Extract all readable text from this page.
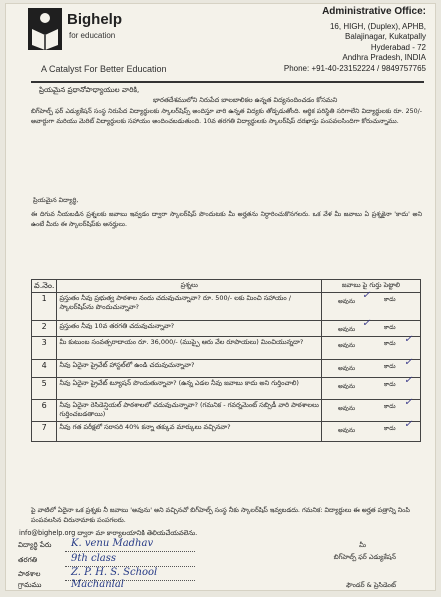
Bighelp
for education
A Catalyst For Better Education
Administrative Office:
16, HIGH, (Duplex), APHB,
Balajinagar, Kukatpally
Hyderabad - 72
Andhra Pradesh, INDIA
Phone: +91-40-23152224 / 9849757765
ప్రియమైన ప్రధానోపాధ్యాయుల వారికి,
భారతదేశములోని నిరుపేద బాలబాలికల ఉన్నత విద్యనందించడం కోసమని
బిగ్‌హెల్ప్ ఫర్ ఎడ్యుకేషన్ సంస్థ నిరుపేద విద్యార్థులకు స్కాలర్‌షిప్స్ అందిస్తూ వారి ఉన్నత విద్యకు తోడ్పడుతోంది. ఆర్థిక పరిస్థితి సరిగాలేని విద్యార్థులకు రూ. 250/- అవార్డుగా మరియు మెరిట్ విద్యార్థులకు సహాయం అందించబడుతుంది. 10వ తరగతి విద్యార్థులకు స్కాలర్‌షిప్ దరఖాస్తు పంపవలసిందిగా కోరుచున్నాము.
ప్రియమైన విద్యార్థి,
ఈ దిగువ నీయబడిన ప్రశ్నలకు జవాబు ఇవ్వడం ద్వారా స్కాలర్‌షిప్ పొందుటకు మీ అర్హతను నిర్ధారించుకొనగలరు. ఒక వేళ మీ జవాబు ఏ ప్రశ్నకైనా 'కాదు' అని ఉంటే మీరు ఈ స్కాలర్‌షిప్‌కు అనర్హులు.
వ.నెం.	ప్రశ్నలు	జవాబు పై గుర్తు పెట్టాలి
1	ప్రస్తుతం నీవు ప్రభుత్వ పాఠశాల నందు చదువుచున్నావా? రూ. 500/- లకు మించి సహాయం / స్కాలర్‌షిప్‌ను పొందుచున్నావా?	అవును కాదు
✓

2	ప్రస్తుతం నీవు 10వ తరగతి చదువుచున్నావా?	అవును కాదు
✓

3	మీ కుటుంబ సంవత్సరాదాయం రూ. 36,000/- (ముప్పై ఆరు వేల రూపాయలు) మించియున్నదా?	అవును కాదు ✓

4	నీవు ఏదైనా ప్రైవేట్ హాస్టల్‌లో ఉండి చదువుచున్నావా?	అవును కాదు ✓

5	నీవు ఏదైనా ప్రైవేట్ ట్యూషన్ పొందుతున్నావా? (ఉన్న ఎడల నీవు జవాబు కాదు అని గుర్తించాలి)	అవును కాదు ✓

6	నీవు ఏదైనా రెసిడెన్షియల్ పాఠశాలలో చదువుచున్నావా? (గమనిక - గవర్నమెంట్ సబ్సిడీ వారి పాఠశాలలు గుర్తించబడతాయి)	అవును కాదు ✓

7	నీవు గత పరీక్షలో సరాసరి 40% కన్నా తక్కువ మార్కులు వచ్చినవా?	అవును కాదు ✓
పై వాటిలో ఏదైనా ఒక ప్రశ్నకు నీ జవాబు 'అవును' అని వచ్చినచో బిగ్‌హెల్ప్ సంస్థ నీకు స్కాలర్‌షిప్ ఇవ్వబడదు. గమనిక: విద్యార్థులు ఈ అర్హత పత్రాన్ని నింపి పంపవలసిన చిరునామాకు పంపగలరు.
info@bighelp.org ద్వారా మా కార్యాలయానికి తెలియచేయవలెను.
విద్యార్థి పేరు K. venu Madhav
తరగతి	9th class
పాఠశాల	Z. P. H. S. School
గ్రామము	Machanlal
మీ
బిగ్‌హెల్ప్ ఫర్ ఎడ్యుకేషన్
ఫౌండర్ & ప్రెసిడెంట్
